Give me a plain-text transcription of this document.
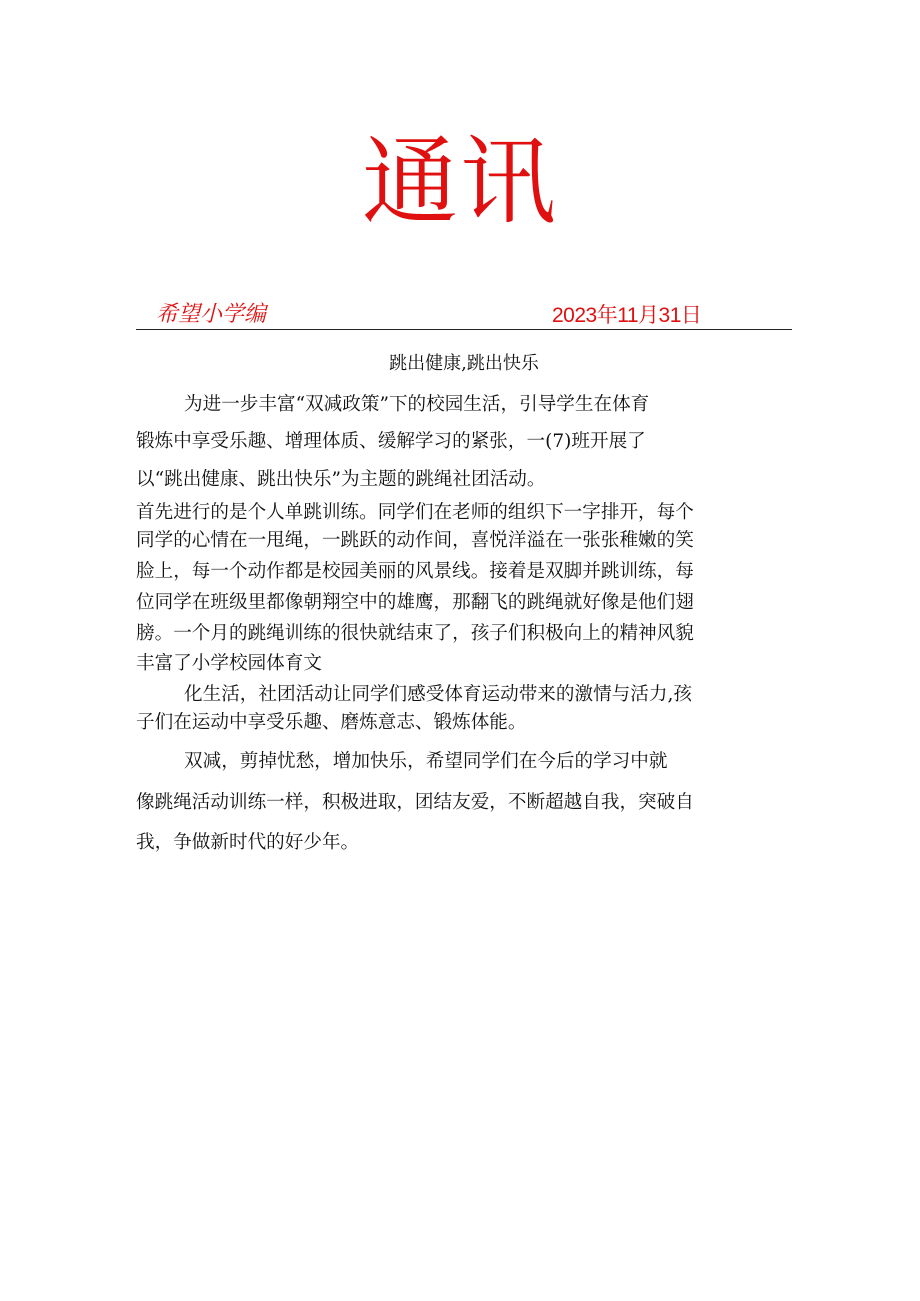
通讯
希望小学编	2023年11月31日
跳出健康,跳出快乐
为进一步丰富“双减政策”下的校园生活，引导学生在体育
锻炼中享受乐趣、增理体质、缓解学习的紧张，一(7)班开展了
以“跳出健康、跳出快乐”为主题的跳绳社团活动。
首先进行的是个人单跳训练。同学们在老师的组织下一字排开，每个
同学的心情在一甩绳，一跳跃的动作间，喜悦洋溢在一张张稚嫩的笑
脸上，每一个动作都是校园美丽的风景线。接着是双脚并跳训练，每
位同学在班级里都像朝翔空中的雄鹰，那翻飞的跳绳就好像是他们翅
膀。一个月的跳绳训练的很快就结束了，孩子们积极向上的精神风貌
丰富了小学校园体育文
化生活，社团活动让同学们感受体育运动带来的激情与活力,孩
子们在运动中享受乐趣、磨炼意志、锻炼体能。
双减，剪掉忧愁，增加快乐，希望同学们在今后的学习中就
像跳绳活动训练一样，积极进取，团结友爱，不断超越自我，突破自
我，争做新时代的好少年。
